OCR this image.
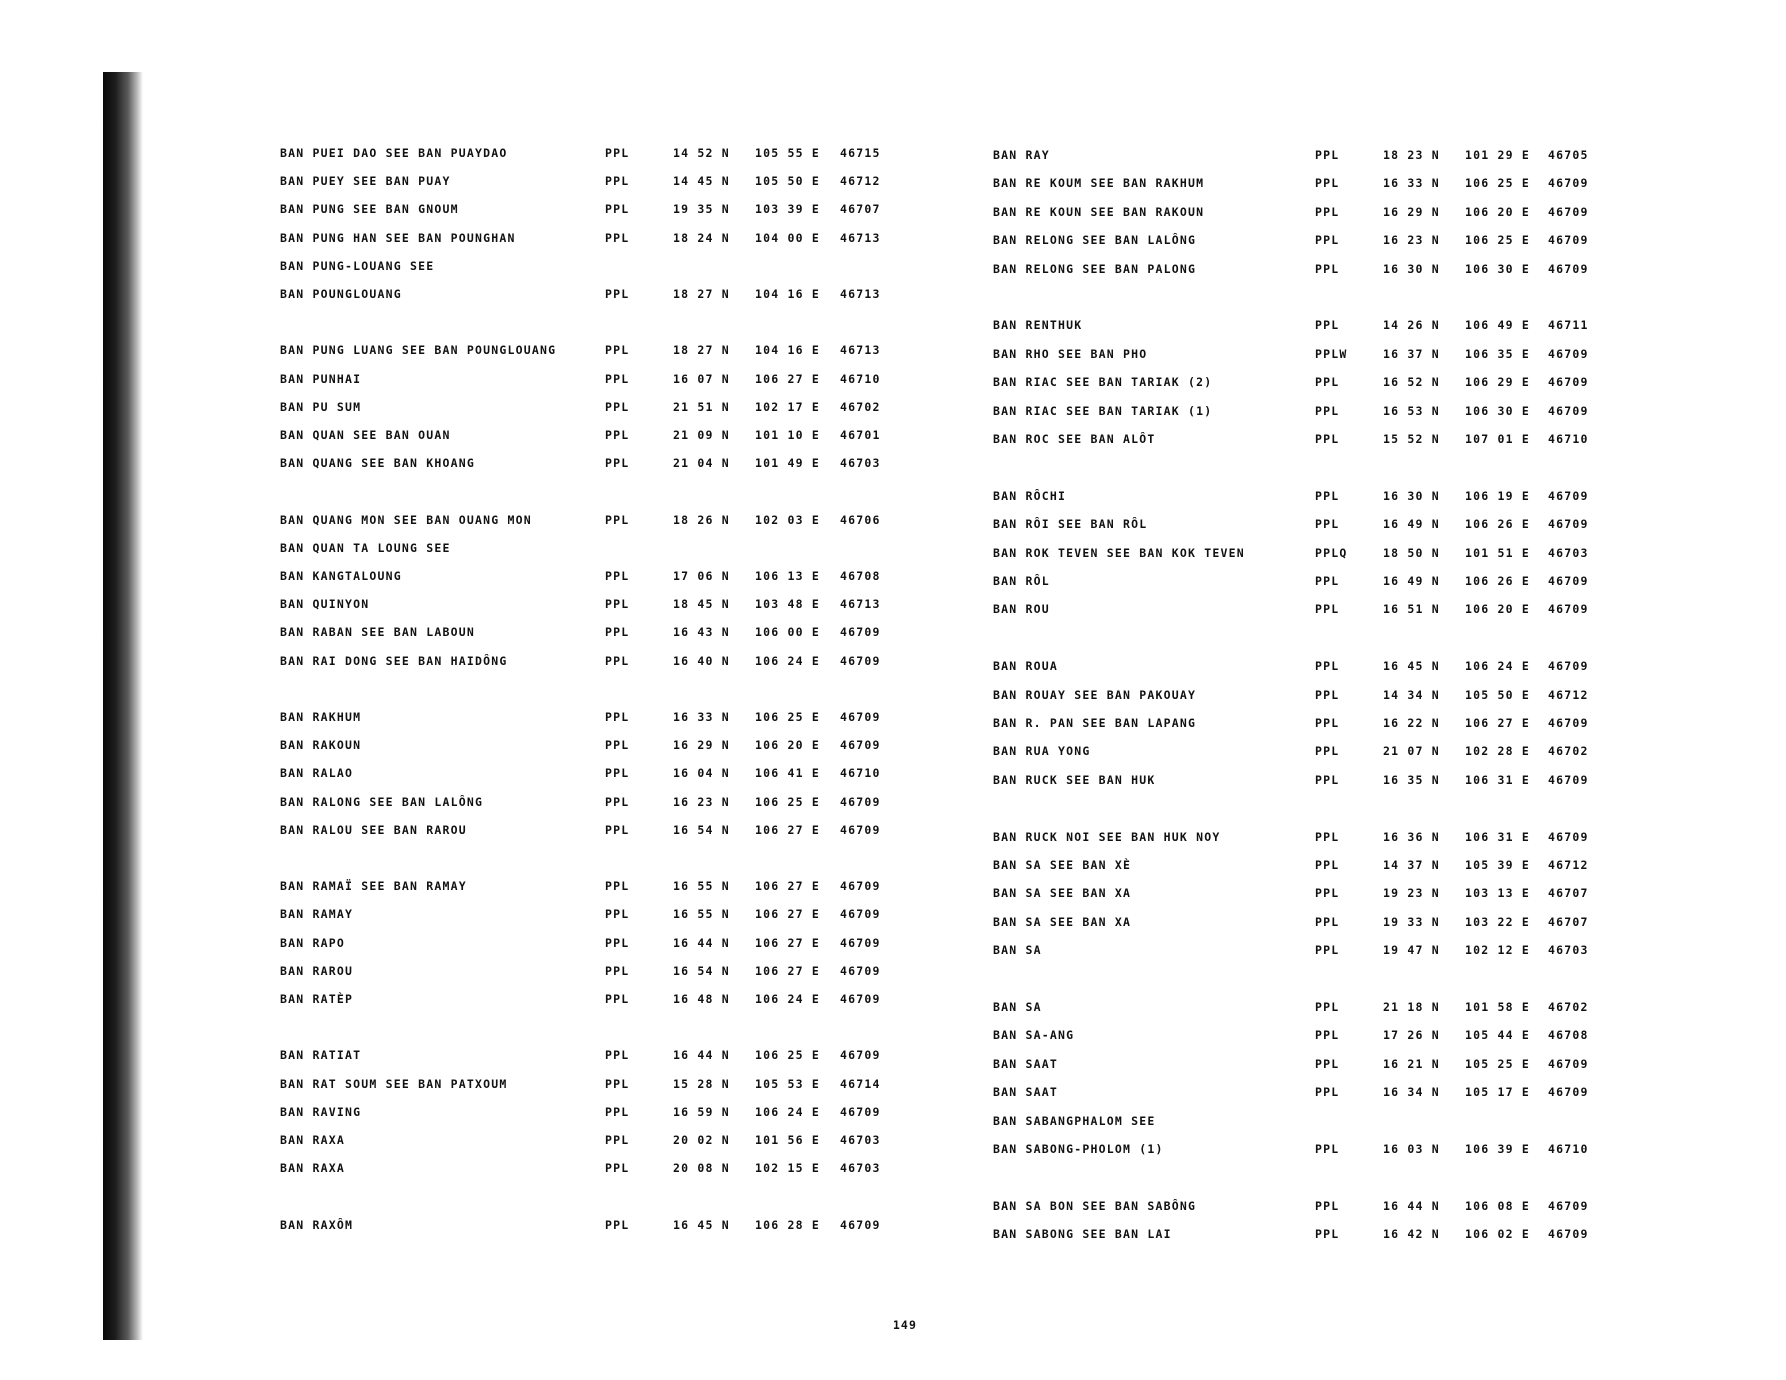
BAN PUEI DAO SEE BAN PUAYDAO	PPL	14 52 N 105 55 E 46715
BAN PUEY SEE BAN PUAY	PPL	14 45 N 105 50 E 46712
BAN PUNG SEE BAN GNOUM	PPL	19 35 N 103 39 E 46707
BAN PUNG HAN SEE BAN POUNGHAN	PPL	18 24 N 104 00 E 46713
BAN PUNG-LOUANG SEE
BAN POUNGLOUANG	PPL	18 27 N 104 16 E 46713
BAN PUNG LUANG SEE BAN POUNGLOUANG	PPL	18 27 N 104 16 E 46713
BAN PUNHAI	PPL	16 07 N 106 27 E 46710
BAN PU SUM	PPL	21 51 N 102 17 E 46702
BAN QUAN SEE BAN OUAN	PPL	21 09 N 101 10 E 46701
BAN QUANG SEE BAN KHOANG	PPL	21 04 N 101 49 E 46703
BAN QUANG MON SEE BAN OUANG MON	PPL	18 26 N 102 03 E 46706
BAN QUAN TA LOUNG SEE
BAN KANGTALOUNG	PPL	17 06 N 106 13 E 46708
BAN QUINYON	PPL	18 45 N 103 48 E 46713
BAN RABAN SEE BAN LABOUN	PPL	16 43 N 106 00 E 46709
BAN RAI DONG SEE BAN HAIDÔNG	PPL	16 40 N 106 24 E 46709
BAN RAKHUM	PPL	16 33 N 106 25 E 46709
BAN RAKOUN	PPL	16 29 N 106 20 E 46709
BAN RALAO	PPL	16 04 N 106 41 E 46710
BAN RALONG SEE BAN LALÔNG	PPL	16 23 N 106 25 E 46709
BAN RALOU SEE BAN RAROU	PPL	16 54 N 106 27 E 46709
BAN RAMAΪ SEE BAN RAMAY	PPL	16 55 N 106 27 E 46709
BAN RAMAY	PPL	16 55 N 106 27 E 46709
BAN RAPO	PPL	16 44 N 106 27 E 46709
BAN RAROU	PPL	16 54 N 106 27 E 46709
BAN RATÈP	PPL	16 48 N 106 24 E 46709
BAN RATIAT	PPL	16 44 N 106 25 E 46709
BAN RAT SOUM SEE BAN PATXOUM	PPL	15 28 N 105 53 E 46714
BAN RAVING	PPL	16 59 N 106 24 E 46709
BAN RAXA	PPL	20 02 N 101 56 E 46703
BAN RAXA	PPL	20 08 N 102 15 E 46703
BAN RAXÔM	PPL	16 45 N 106 28 E 46709
BAN RAY	PPL	18 23 N 101 29 E 46705
BAN RE KOUM SEE BAN RAKHUM	PPL	16 33 N 106 25 E 46709
BAN RE KOUN SEE BAN RAKOUN	PPL	16 29 N 106 20 E 46709
BAN RELONG SEE BAN LALÔNG	PPL	16 23 N 106 25 E 46709
BAN RELONG SEE BAN PALONG	PPL	16 30 N 106 30 E 46709
BAN RENTHUK	PPL	14 26 N 106 49 E 46711
BAN RHO SEE BAN PHO	PPLW	16 37 N 106 35 E 46709
BAN RIAC SEE BAN TARIAK (2)	PPL	16 52 N 106 29 E 46709
BAN RIAC SEE BAN TARIAK (1)	PPL	16 53 N 106 30 E 46709
BAN ROC SEE BAN ALÔT	PPL	15 52 N 107 01 E 46710
BAN RÔCHI	PPL	16 30 N 106 19 E 46709
BAN RÔI SEE BAN RÔL	PPL	16 49 N 106 26 E 46709
BAN ROK TEVEN SEE BAN KOK TEVEN	PPLQ	18 50 N 101 51 E 46703
BAN RÔL	PPL	16 49 N 106 26 E 46709
BAN ROU	PPL	16 51 N 106 20 E 46709
BAN ROUA	PPL	16 45 N 106 24 E 46709
BAN ROUAY SEE BAN PAKOUAY	PPL	14 34 N 105 50 E 46712
BAN R. PAN SEE BAN LAPANG	PPL	16 22 N 106 27 E 46709
BAN RUA YONG	PPL	21 07 N 102 28 E 46702
BAN RUCK SEE BAN HUK	PPL	16 35 N 106 31 E 46709
BAN RUCK NOI SEE BAN HUK NOY	PPL	16 36 N 106 31 E 46709
BAN SA SEE BAN XÈ	PPL	14 37 N 105 39 E 46712
BAN SA SEE BAN XA	PPL	19 23 N 103 13 E 46707
BAN SA SEE BAN XA	PPL	19 33 N 103 22 E 46707
BAN SA	PPL	19 47 N 102 12 E 46703
BAN SA	PPL	21 18 N 101 58 E 46702
BAN SA-ANG	PPL	17 26 N 105 44 E 46708
BAN SAAT	PPL	16 21 N 105 25 E 46709
BAN SAAT	PPL	16 34 N 105 17 E 46709
BAN SABANGPHALOM SEE
BAN SABONG-PHOLOM (1)	PPL	16 03 N 106 39 E 46710
BAN SA BON SEE BAN SABÔNG	PPL	16 44 N 106 08 E 46709
BAN SABONG SEE BAN LAI	PPL	16 42 N 106 02 E 46709
149
